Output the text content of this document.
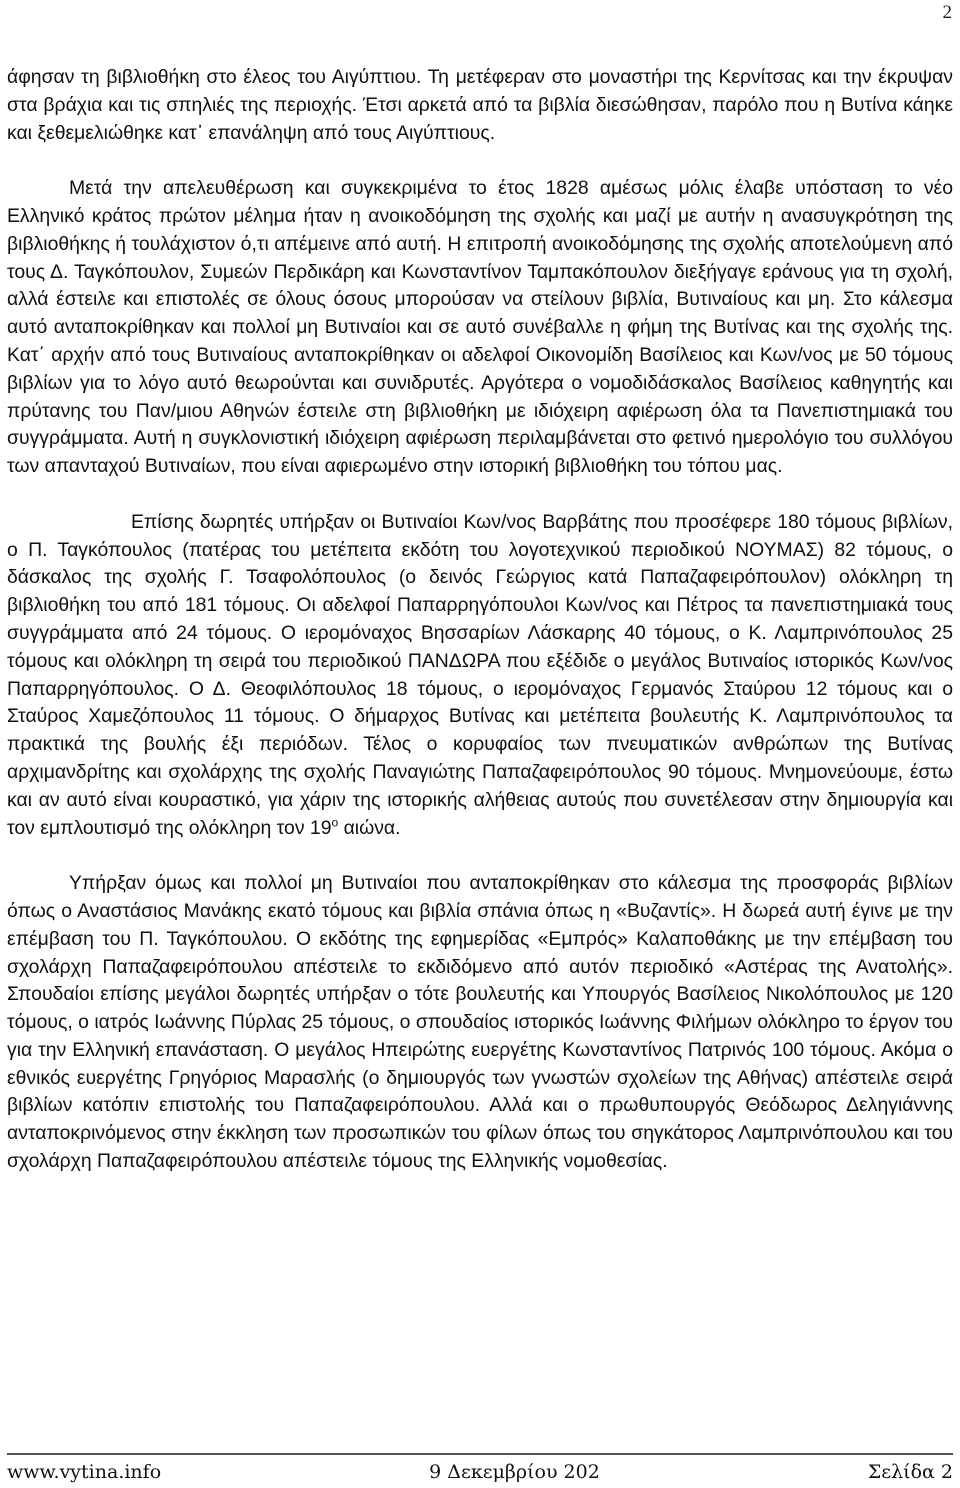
2

άφησαν τη βιβλιοθήκη στο έλεος του Αιγύπτιου. Τη μετέφεραν στο μοναστήρι της Κερνίτσας και την έκρυψαν στα βράχια και τις σπηλιές της περιοχής. Έτσι αρκετά από τα βιβλία διεσώθησαν, παρόλο που η Βυτίνα κάηκε και ξεθεμελιώθηκε κατ᾿ επανάληψη από τους Αιγύπτιους.

Μετά την απελευθέρωση και συγκεκριμένα το έτος 1828 αμέσως μόλις έλαβε υπόσταση το νέο Ελληνικό κράτος πρώτον μέλημα ήταν η ανοικοδόμηση της σχολής και μαζί με αυτήν η ανασυγκρότηση της βιβλιοθήκης ή τουλάχιστον ό,τι απέμεινε από αυτή. Η επιτροπή ανοικοδόμησης της σχολής αποτελούμενη από τους Δ. Ταγκόπουλον, Συμεών Περδικάρη και Κωνσταντίνον Ταμπακόπουλον διεξήγαγε εράνους για τη σχολή, αλλά έστειλε και επιστολές σε όλους όσους μπορούσαν να στείλουν βιβλία, Βυτιναίους και μη. Στο κάλεσμα αυτό ανταποκρίθηκαν και πολλοί μη Βυτιναίοι και σε αυτό συνέβαλλε η φήμη της Βυτίνας και της σχολής της. Κατ΄ αρχήν από τους Βυτιναίους ανταποκρίθηκαν οι αδελφοί Οικονομίδη Βασίλειος και Κων/νος με 50 τόμους βιβλίων για το λόγο αυτό θεωρούνται και συνιδρυτές. Αργότερα ο νομοδιδάσκαλος Βασίλειος καθηγητής και πρύτανης του Παν/μιου Αθηνών έστειλε στη βιβλιοθήκη με ιδιόχειρη αφιέρωση όλα τα Πανεπιστημιακά του συγγράμματα. Αυτή η συγκλονιστική ιδιόχειρη αφιέρωση περιλαμβάνεται στο φετινό ημερολόγιο του συλλόγου των απανταχού Βυτιναίων, που είναι αφιερωμένο στην ιστορική βιβλιοθήκη του τόπου μας.

Επίσης δωρητές υπήρξαν οι Βυτιναίοι Κων/νος Βαρβάτης που προσέφερε 180 τόμους βιβλίων, ο Π. Ταγκόπουλος (πατέρας του μετέπειτα εκδότη του λογοτεχνικού περιοδικού ΝΟΥΜΑΣ) 82 τόμους, ο δάσκαλος της σχολής Γ. Τσαφολόπουλος (ο δεινός Γεώργιος κατά Παπαζαφειρόπουλον) ολόκληρη τη βιβλιοθήκη του από 181 τόμους. Οι αδελφοί Παπαρρηγόπουλοι Κων/νος και Πέτρος τα πανεπιστημιακά τους συγγράμματα από 24 τόμους. Ο ιερομόναχος Βησσαρίων Λάσκαρης 40 τόμους, ο Κ. Λαμπρινόπουλος 25 τόμους και ολόκληρη τη σειρά του περιοδικού ΠΑΝΔΩΡΑ που εξέδιδε ο μεγάλος Βυτιναίος ιστορικός Κων/νος Παπαρρηγόπουλος. Ο Δ. Θεοφιλόπουλος 18 τόμους, ο ιερομόναχος Γερμανός Σταύρου 12 τόμους και ο Σταύρος Χαμεζόπουλος 11 τόμους. Ο δήμαρχος Βυτίνας και μετέπειτα βουλευτής Κ. Λαμπρινόπουλος τα πρακτικά της βουλής έξι περιόδων. Τέλος ο κορυφαίος των πνευματικών ανθρώπων της Βυτίνας αρχιμανδρίτης και σχολάρχης της σχολής Παναγιώτης Παπαζαφειρόπουλος 90 τόμους. Μνημονεύουμε, έστω και αν αυτό είναι κουραστικό, για χάριν της ιστορικής αλήθειας αυτούς που συνετέλεσαν στην δημιουργία και τον εμπλουτισμό της ολόκληρη τον $19^o$ αιώνα.

Υπήρξαν όμως και πολλοί μη Βυτιναίοι που ανταποκρίθηκαν στο κάλεσμα της προσφοράς βιβλίων όπως ο Αναστάσιος Μανάκης εκατό τόμους και βιβλία σπάνια όπως η «Βυζαντίς». Η δωρεά αυτή έγινε με την επέμβαση του Π. Ταγκόπουλου. Ο εκδότης της εφημερίδας «Εμπρός» Καλαποθάκης με την επέμβαση του σχολάρχη Παπαζαφειρόπουλου απέστειλε το εκδιδόμενο από αυτόν περιοδικό «Αστέρας της Ανατολής». Σπουδαίοι επίσης μεγάλοι δωρητές υπήρξαν ο τότε βουλευτής και Υπουργός Βασίλειος Νικολόπουλος με 120 τόμους, ο ιατρός Ιωάννης Πύρλας 25 τόμους, ο σπουδαίος ιστορικός Ιωάννης Φιλήμων ολόκληρο το έργον του για την Ελληνική επανάσταση. Ο μεγάλος Ηπειρώτης ευεργέτης Κωνσταντίνος Πατρινός 100 τόμους. Ακόμα ο εθνικός ευεργέτης Γρηγόριος Μαρασλής (ο δημιουργός των γνωστών σχολείων της Αθήνας) απέστειλε σειρά βιβλίων κατόπιν επιστολής του Παπαζαφειρόπουλου. Αλλά και ο πρωθυπουργός Θεόδωρος Δεληγιάννης ανταποκρινόμενος στην έκκληση των προσωπικών του φίλων όπως του σηγκάτορος Λαμπρινόπουλου και του σχολάρχη Παπαζαφειρόπουλου απέστειλε τόμους της Ελληνικής νομοθεσίας.

www.vytina.info	9 Δεκεμβρίου 202	Σελίδα 2
